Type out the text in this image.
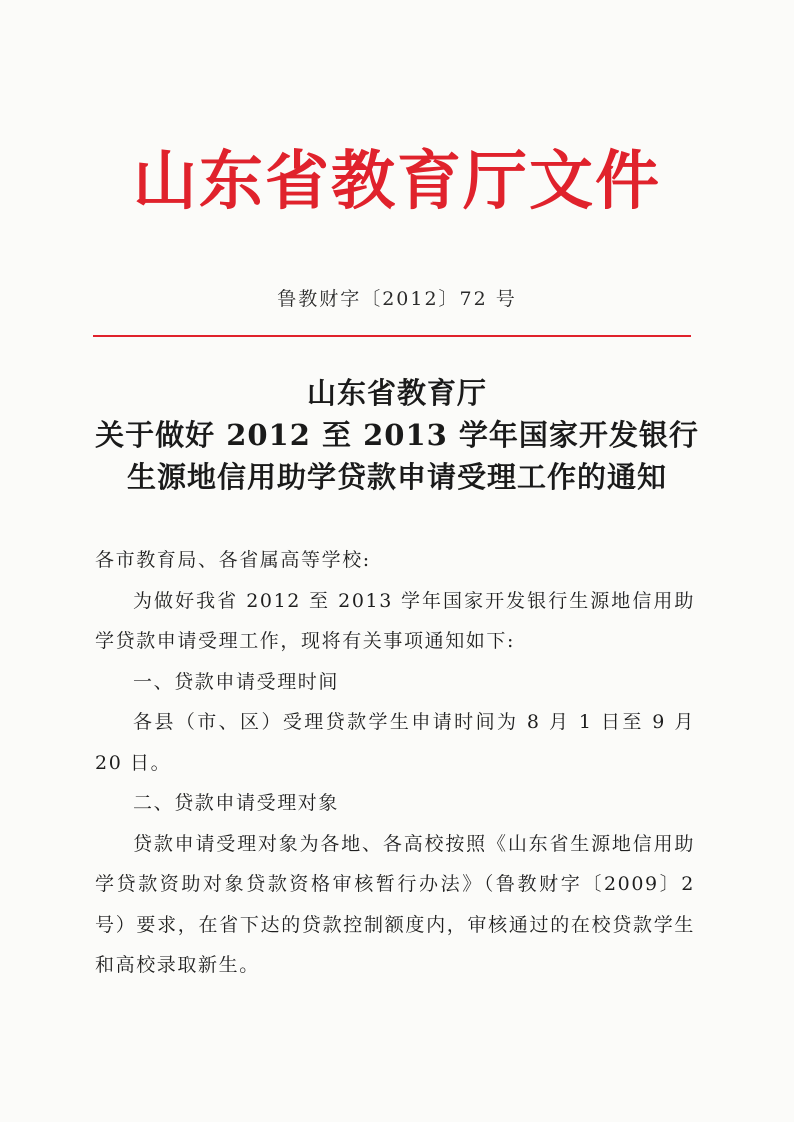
山东省教育厅文件
鲁教财字〔2012〕72 号
山东省教育厅
关于做好 2012 至 2013 学年国家开发银行
生源地信用助学贷款申请受理工作的通知

各市教育局、各省属高等学校:

为做好我省 2012 至 2013 学年国家开发银行生源地信用助学贷款申请受理工作，现将有关事项通知如下:

一、贷款申请受理时间

各县（市、区）受理贷款学生申请时间为 8 月 1 日至 9 月 20 日。

二、贷款申请受理对象

贷款申请受理对象为各地、各高校按照《山东省生源地信用助学贷款资助对象贷款资格审核暂行办法》（鲁教财字〔2009〕2 号）要求，在省下达的贷款控制额度内，审核通过的在校贷款学生和高校录取新生。
